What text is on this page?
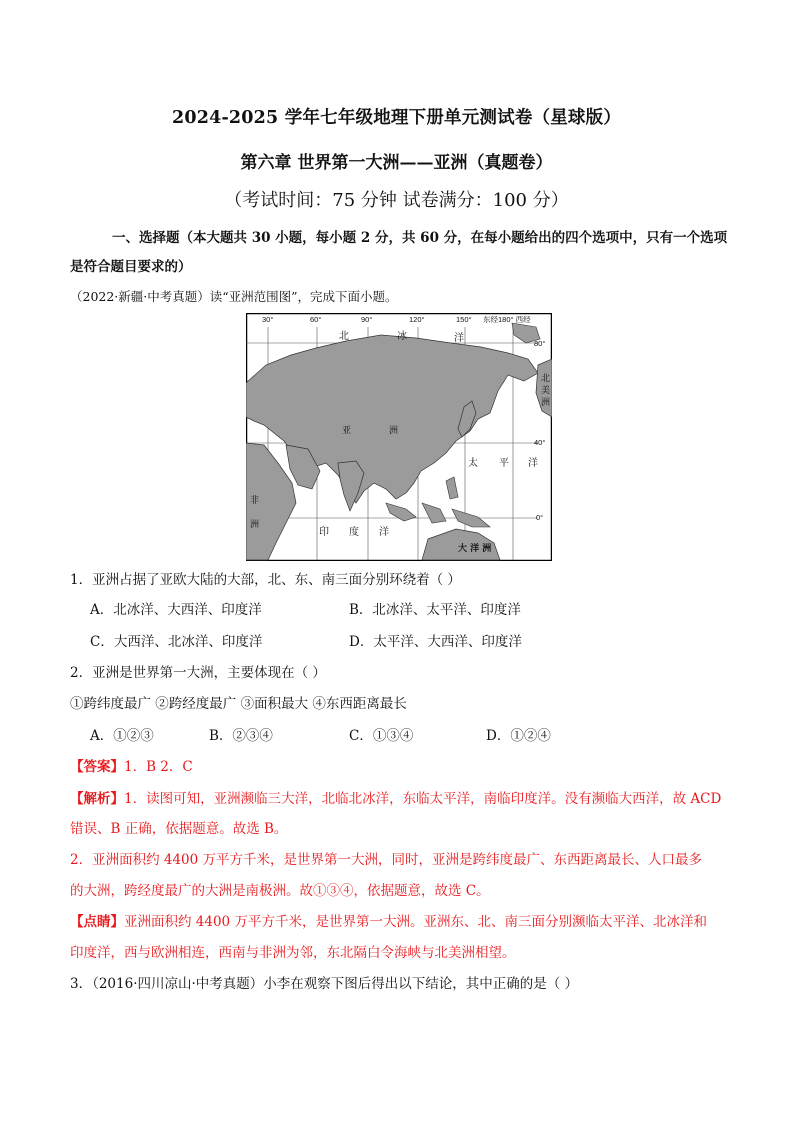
2024-2025 学年七年级地理下册单元测试卷（星球版）
第六章 世界第一大洲——亚洲（真题卷）
（考试时间：75 分钟 试卷满分：100 分）
一、选择题（本大题共 30 小题，每小题 2 分，共 60 分，在每小题给出的四个选项中，只有一个选项
是符合题目要求的）
（2022·新疆·中考真题）读“亚洲范围图”，完成下面小题。
30°	60°	90°	120°	150° 东经180° 西经
80°
40°
0°
北	冰	洋
太 平 洋
印 度 洋
北
美
洲
非
洲
亚	洲
大 洋 洲
1．亚洲占据了亚欧大陆的大部，北、东、南三面分别环绕着（ ）
A．北冰洋、大西洋、印度洋	B．北冰洋、太平洋、印度洋
C．大西洋、北冰洋、印度洋	D．太平洋、大西洋、印度洋
2．亚洲是世界第一大洲，主要体现在（ ）
①跨纬度最广 ②跨经度最广 ③面积最大 ④东西距离最长
A．①②③	B．②③④	C．①③④	D．①②④
【答案】1．B 2．C
【解析】1．读图可知，亚洲濒临三大洋，北临北冰洋，东临太平洋，南临印度洋。没有濒临大西洋，故 ACD
错误、B 正确，依据题意。故选 B。
2．亚洲面积约 4400 万平方千米，是世界第一大洲，同时，亚洲是跨纬度最广、东西距离最长、人口最多
的大洲，跨经度最广的大洲是南极洲。故①③④，依据题意，故选 C。
【点睛】亚洲面积约 4400 万平方千米，是世界第一大洲。亚洲东、北、南三面分别濒临太平洋、北冰洋和
印度洋，西与欧洲相连，西南与非洲为邻，东北隔白令海峡与北美洲相望。
3．（2016·四川凉山·中考真题）小李在观察下图后得出以下结论，其中正确的是（ ）
